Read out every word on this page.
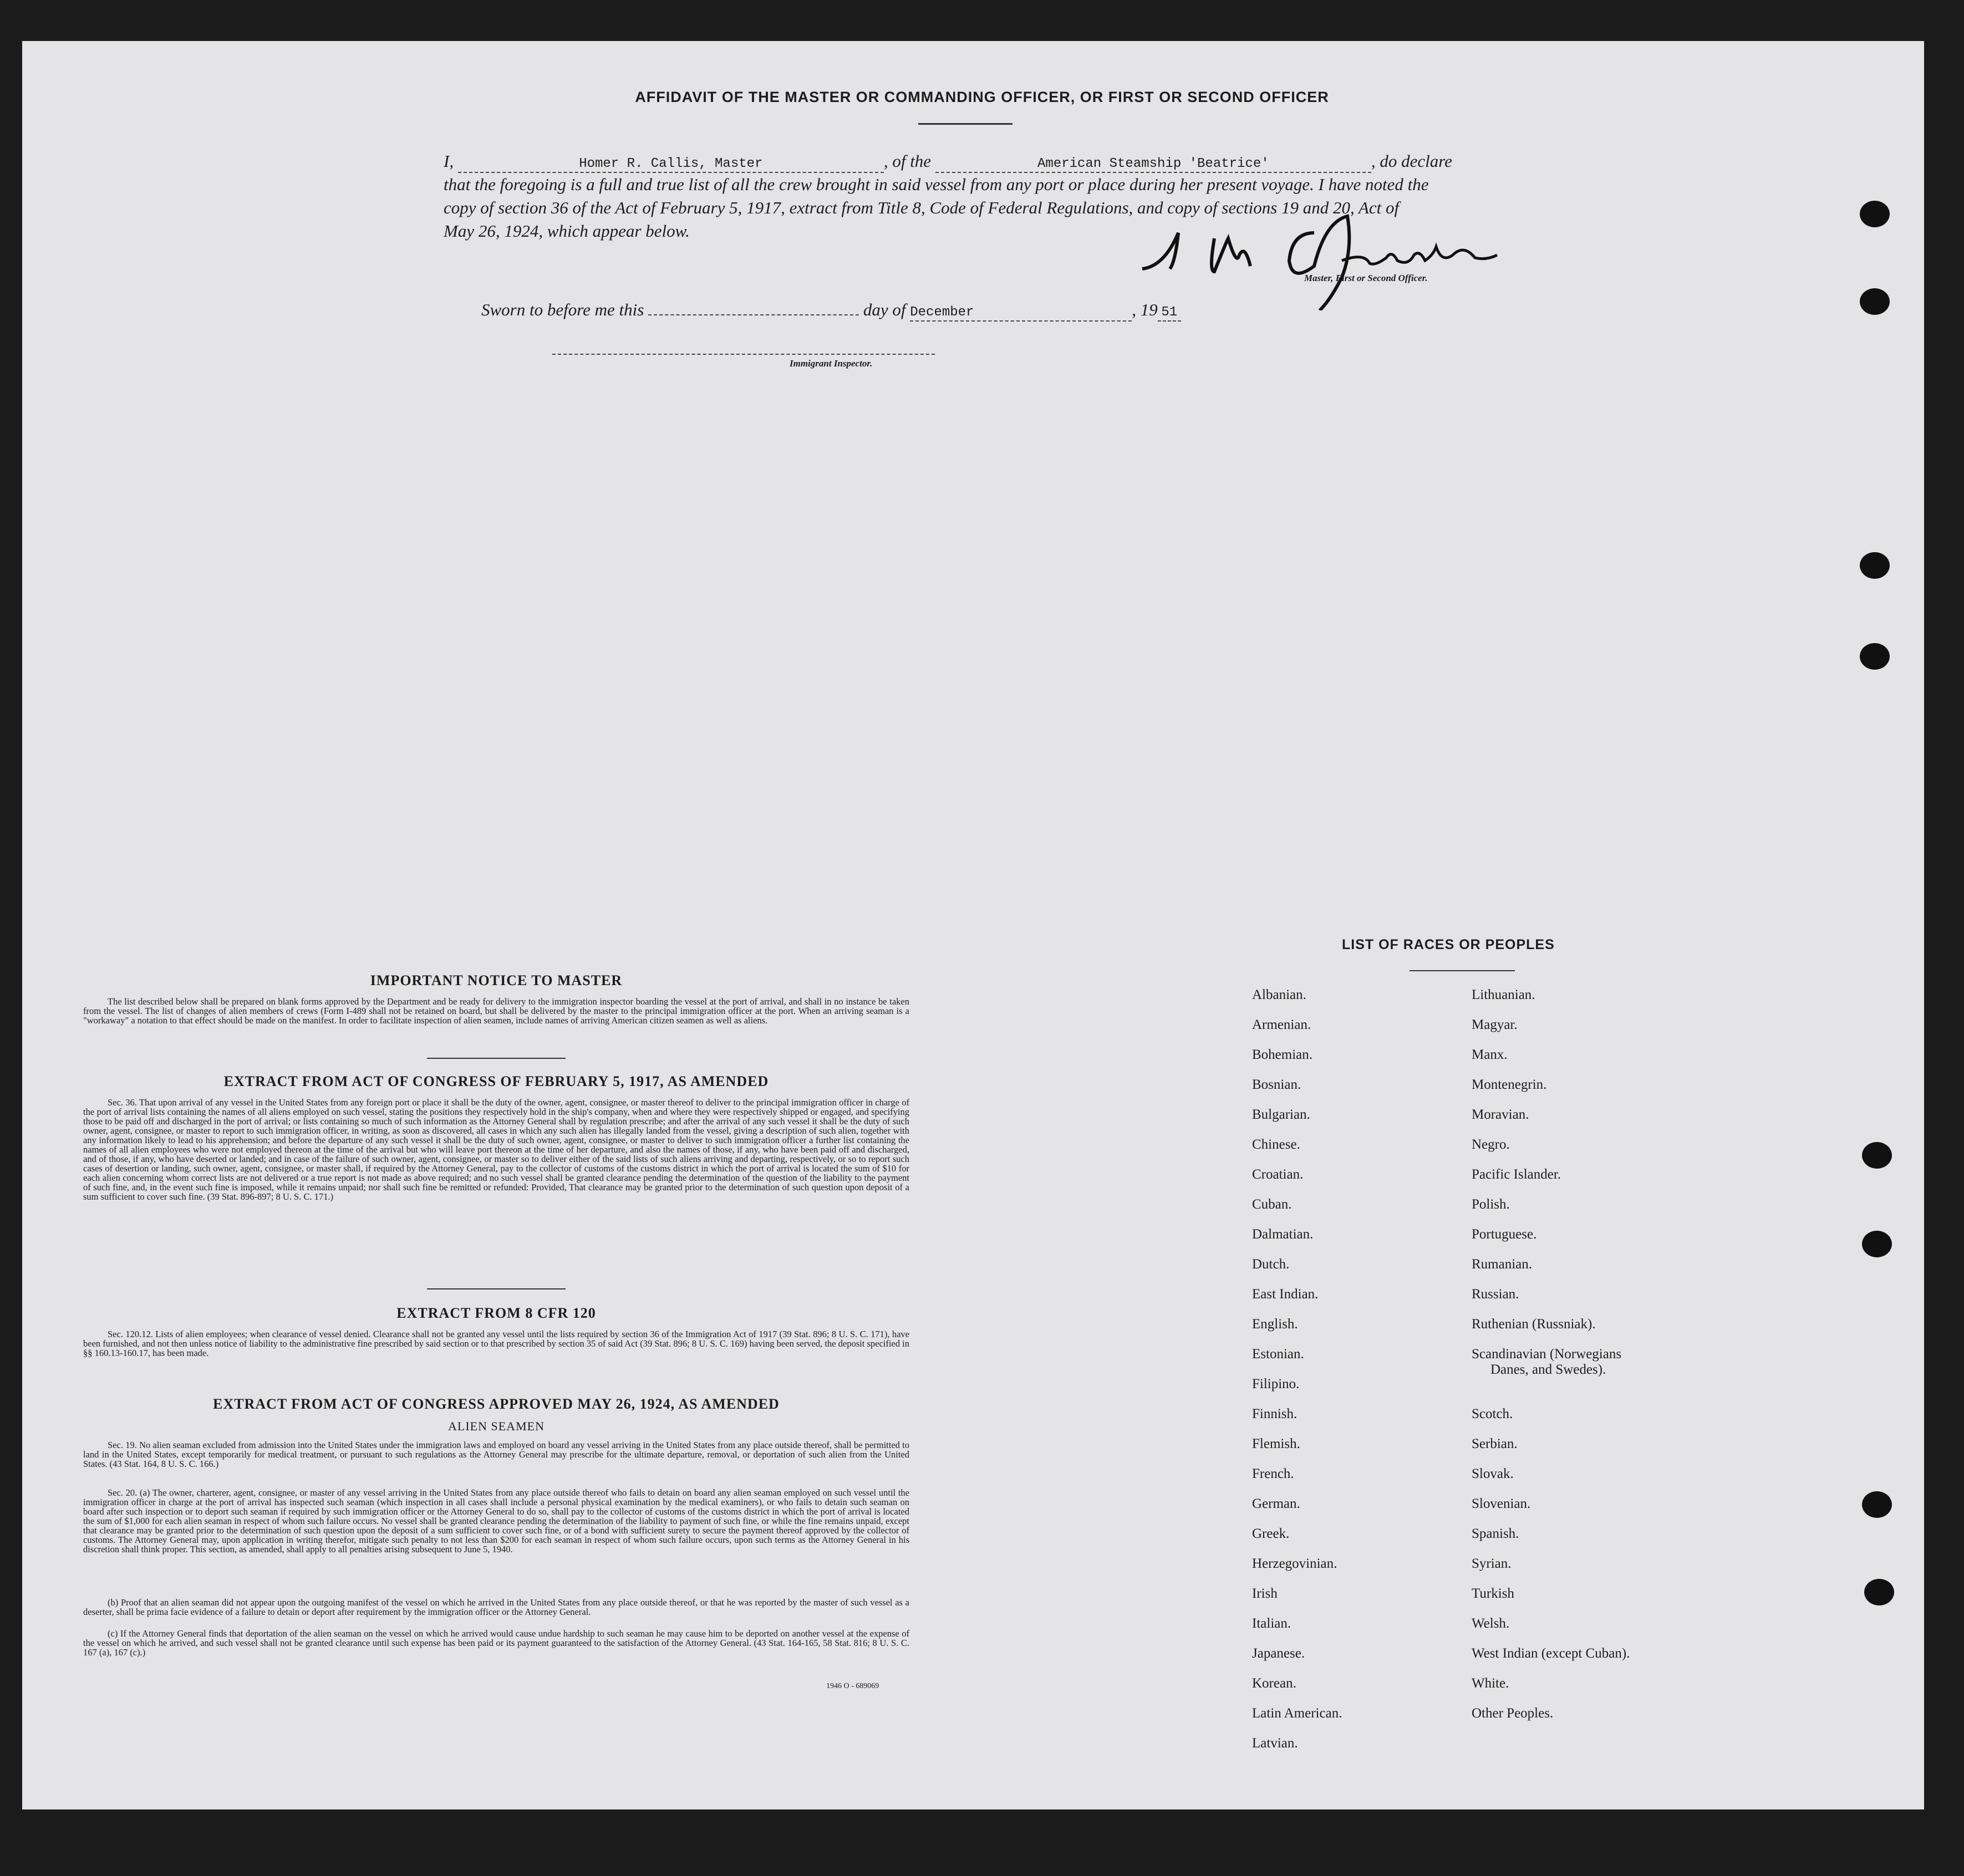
AFFIDAVIT OF THE MASTER OR COMMANDING OFFICER, OR FIRST OR SECOND OFFICER
I,	Homer R. Callis, Master	, of the	American Steamship 'Beatrice'	, do declare
that the foregoing is a full and true list of all the crew brought in said vessel from any port or place during her present voyage. I have noted the
copy of section 36 of the Act of February 5, 1917, extract from Title 8, Code of Federal Regulations, and copy of sections 19 and 20, Act of
May 26, 1924, which appear below.
Master, First or Second Officer.
Sworn to before me this	day of December	, 19 51
Immigrant Inspector.
IMPORTANT NOTICE TO MASTER
The list described below shall be prepared on blank forms approved by the Department and be ready for delivery to the immigration inspector boarding the vessel at the port of arrival, and shall in no instance be taken from the vessel. The list of changes of alien members of crews (Form I-489 shall not be retained on board, but shall be delivered by the master to the principal immigration officer at the port. When an arriving seaman is a "workaway" a notation to that effect should be made on the manifest. In order to facilitate inspection of alien seamen, include names of arriving American citizen seamen as well as aliens.
EXTRACT FROM ACT OF CONGRESS OF FEBRUARY 5, 1917, AS AMENDED
Sec. 36. That upon arrival of any vessel in the United States from any foreign port or place it shall be the duty of the owner, agent, consignee, or master thereof to deliver to the principal immigration officer in charge of the port of arrival lists containing the names of all aliens employed on such vessel, stating the positions they respectively hold in the ship's company, when and where they were respectively shipped or engaged, and specifying those to be paid off and discharged in the port of arrival; or lists containing so much of such information as the Attorney General shall by regulation prescribe; and after the arrival of any such vessel it shall be the duty of such owner, agent, consignee, or master to report to such immigration officer, in writing, as soon as discovered, all cases in which any such alien has illegally landed from the vessel, giving a description of such alien, together with any information likely to lead to his apprehension; and before the departure of any such vessel it shall be the duty of such owner, agent, consignee, or master to deliver to such immigration officer a further list containing the names of all alien employees who were not employed thereon at the time of the arrival but who will leave port thereon at the time of her departure, and also the names of those, if any, who have been paid off and discharged, and of those, if any, who have deserted or landed; and in case of the failure of such owner, agent, consignee, or master so to deliver either of the said lists of such aliens arriving and departing, respectively, or so to report such cases of desertion or landing, such owner, agent, consignee, or master shall, if required by the Attorney General, pay to the collector of customs of the customs district in which the port of arrival is located the sum of $10 for each alien concerning whom correct lists are not delivered or a true report is not made as above required; and no such vessel shall be granted clearance pending the determination of the question of the liability to the payment of such fine, and, in the event such fine is imposed, while it remains unpaid; nor shall such fine be remitted or refunded: Provided, That clearance may be granted prior to the determination of such question upon deposit of a sum sufficient to cover such fine. (39 Stat. 896-897; 8 U. S. C. 171.)
EXTRACT FROM 8 CFR 120
Sec. 120.12. Lists of alien employees; when clearance of vessel denied. Clearance shall not be granted any vessel until the lists required by section 36 of the Immigration Act of 1917 (39 Stat. 896; 8 U. S. C. 171), have been furnished, and not then unless notice of liability to the administrative fine prescribed by said section or to that prescribed by section 35 of said Act (39 Stat. 896; 8 U. S. C. 169) having been served, the deposit specified in §§ 160.13-160.17, has been made.
EXTRACT FROM ACT OF CONGRESS APPROVED MAY 26, 1924, AS AMENDED
ALIEN SEAMEN
Sec. 19. No alien seaman excluded from admission into the United States under the immigration laws and employed on board any vessel arriving in the United States from any place outside thereof, shall be permitted to land in the United States, except temporarily for medical treatment, or pursuant to such regulations as the Attorney General may prescribe for the ultimate departure, removal, or deportation of such alien from the United States. (43 Stat. 164, 8 U. S. C. 166.)
Sec. 20. (a) The owner, charterer, agent, consignee, or master of any vessel arriving in the United States from any place outside thereof who fails to detain on board any alien seaman employed on such vessel until the immigration officer in charge at the port of arrival has inspected such seaman (which inspection in all cases shall include a personal physical examination by the medical examiners), or who fails to detain such seaman on board after such inspection or to deport such seaman if required by such immigration officer or the Attorney General to do so, shall pay to the collector of customs of the customs district in which the port of arrival is located the sum of $1,000 for each alien seaman in respect of whom such failure occurs. No vessel shall be granted clearance pending the determination of the liability to payment of such fine, or while the fine remains unpaid, except that clearance may be granted prior to the determination of such question upon the deposit of a sum sufficient to cover such fine, or of a bond with sufficient surety to secure the payment thereof approved by the collector of customs. The Attorney General may, upon application in writing therefor, mitigate such penalty to not less than $200 for each seaman in respect of whom such failure occurs, upon such terms as the Attorney General in his discretion shall think proper. This section, as amended, shall apply to all penalties arising subsequent to June 5, 1940.
(b) Proof that an alien seaman did not appear upon the outgoing manifest of the vessel on which he arrived in the United States from any place outside thereof, or that he was reported by the master of such vessel as a deserter, shall be prima facie evidence of a failure to detain or deport after requirement by the immigration officer or the Attorney General.
(c) If the Attorney General finds that deportation of the alien seaman on the vessel on which he arrived would cause undue hardship to such seaman he may cause him to be deported on another vessel at the expense of the vessel on which he arrived, and such vessel shall not be granted clearance until such expense has been paid or its payment guaranteed to the satisfaction of the Attorney General. (43 Stat. 164-165, 58 Stat. 816; 8 U. S. C. 167 (a), 167 (c).)
1946 O - 689069
LIST OF RACES OR PEOPLES
Albanian.
Armenian.
Bohemian.
Bosnian.
Bulgarian.
Chinese.
Croatian.
Cuban.
Dalmatian.
Dutch.
East Indian.
English.
Estonian.
Filipino.
Finnish.
Flemish.
French.
German.
Greek.
Herzegovinian.
Irish
Italian.
Japanese.
Korean.
Latin American.
Latvian.
Lithuanian.
Magyar.
Manx.
Montenegrin.
Moravian.
Negro.
Pacific Islander.
Polish.
Portuguese.
Rumanian.
Russian.
Ruthenian (Russniak).
Scandinavian (Norwegians
Danes, and Swedes).
Scotch.
Serbian.
Slovak.
Slovenian.
Spanish.
Syrian.
Turkish
Welsh.
West Indian (except Cuban).
White.
Other Peoples.
